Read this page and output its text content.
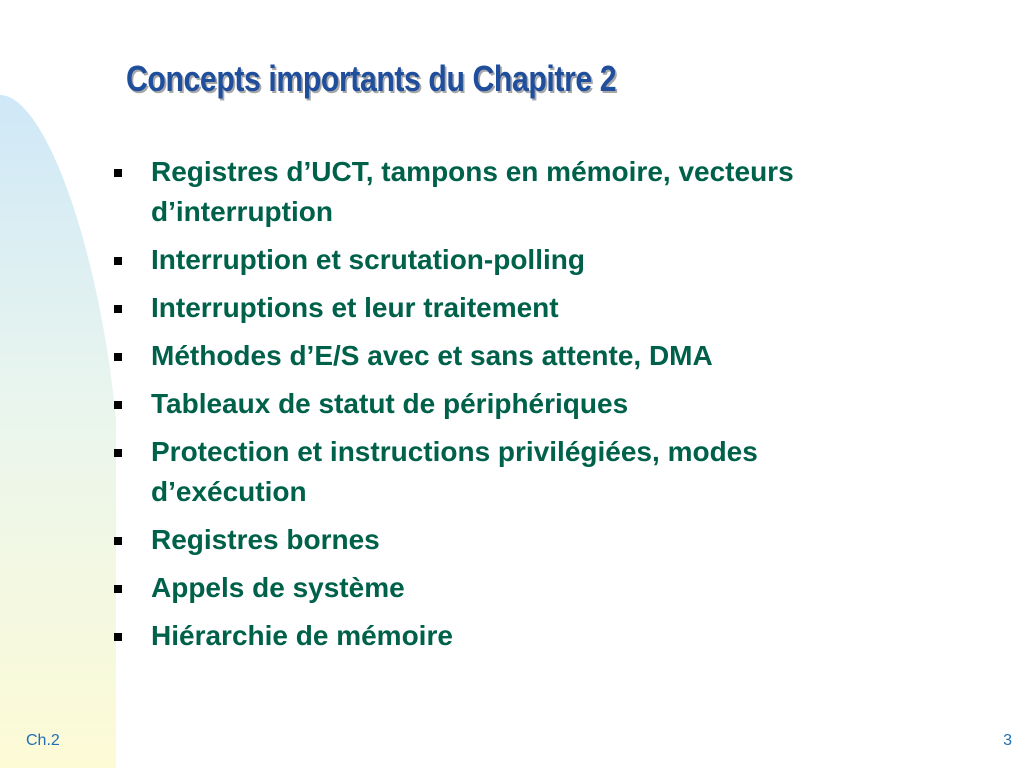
Concepts importants du Chapitre 2
Registres d’UCT, tampons en mémoire, vecteurs d’interruption
Interruption et scrutation-polling
Interruptions et leur traitement
Méthodes d’E/S avec et sans attente, DMA
Tableaux de statut de périphériques
Protection et instructions privilégiées, modes d’exécution
Registres bornes
Appels de système
Hiérarchie de mémoire
Ch.2	3
